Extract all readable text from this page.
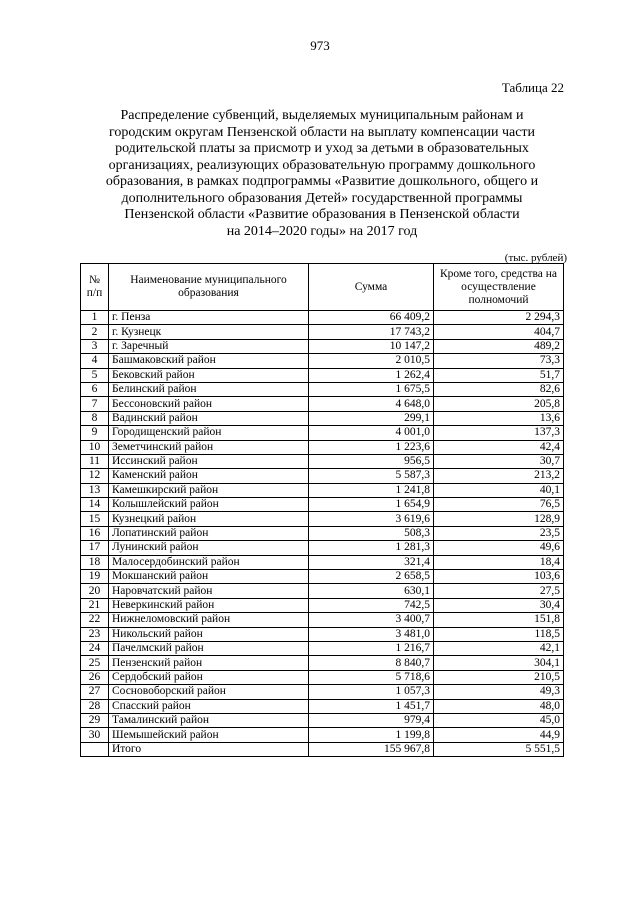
973
Таблица 22
Распределение субвенций, выделяемых муниципальным районам и
городским округам Пензенской области на выплату компенсации части
родительской платы за присмотр и уход за детьми в образовательных
организациях, реализующих образовательную программу дошкольного
образования, в рамках подпрограммы «Развитие дошкольного, общего и
дополнительного образования Детей» государственной программы
Пензенской области «Развитие образования в Пензенской области
на 2014–2020 годы» на 2017 год
(тыс. рублей)
№ п/п	Наименование муниципального образования	Сумма	Кроме того, средства на осуществление полномочий
1	г. Пенза	66 409,2	2 294,3
2	г. Кузнецк	17 743,2	404,7
3	г. Заречный	10 147,2	489,2
4	Башмаковский район	2 010,5	73,3
5	Бековский район	1 262,4	51,7
6	Белинский район	1 675,5	82,6
7	Бессоновский район	4 648,0	205,8
8	Вадинский район	299,1	13,6
9	Городищенский район	4 001,0	137,3
10	Земетчинский район	1 223,6	42,4
11	Иссинский район	956,5	30,7
12	Каменский район	5 587,3	213,2
13	Камешкирский район	1 241,8	40,1
14	Колышлейский район	1 654,9	76,5
15	Кузнецкий район	3 619,6	128,9
16	Лопатинский район	508,3	23,5
17	Лунинский район	1 281,3	49,6
18	Малосердобинский район	321,4	18,4
19	Мокшанский район	2 658,5	103,6
20	Наровчатский район	630,1	27,5
21	Неверкинский район	742,5	30,4
22	Нижнеломовский район	3 400,7	151,8
23	Никольский район	3 481,0	118,5
24	Пачелмский район	1 216,7	42,1
25	Пензенский район	8 840,7	304,1
26	Сердобский район	5 718,6	210,5
27	Сосновоборский район	1 057,3	49,3
28	Спасский район	1 451,7	48,0
29	Тамалинский район	979,4	45,0
30	Шемышейский район	1 199,8	44,9
	Итого	155 967,8	5 551,5
